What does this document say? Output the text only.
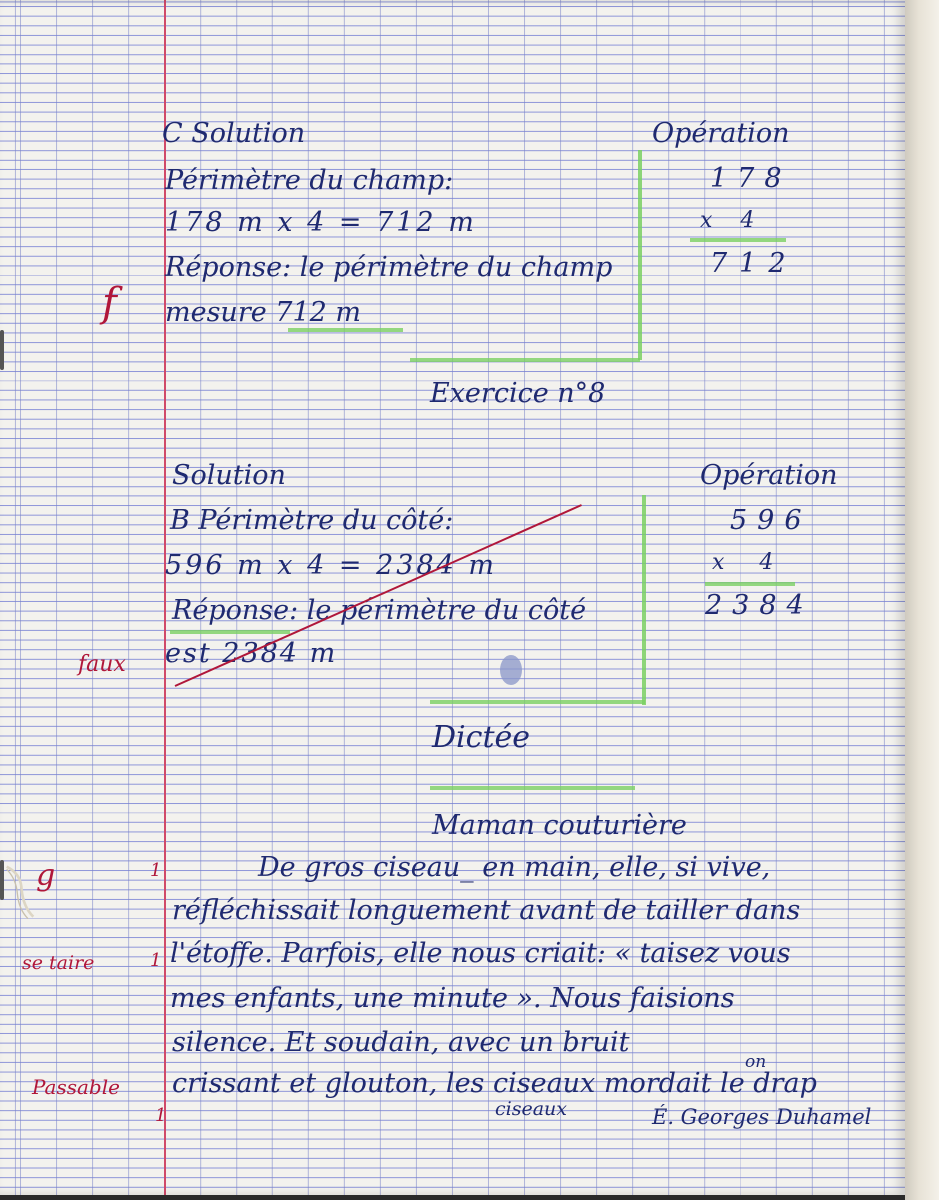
C Solution	Opération
Périmètre du champ:
178 m x 4 = 712 m
Réponse: le périmètre du champ
mesure 712 m
178
x    4
712
f
Exercice n°8
Solution	Opération
B Périmètre du côté:
596 m x 4 = 2384 m
Réponse: le périmètre du côté
est 2384 m
596
x     4
2384
faux
Dictée
Maman couturière
De gros ciseau_ en main, elle, si vive,
réfléchissait longuement avant de tailler dans
l'étoffe. Parfois, elle nous criait: « taisez vous
mes enfants, une minute ». Nous faisions
silence. Et soudain, avec un bruit
crissant et glouton, les ciseaux mordait le drap
ciseaux
on
É. Georges Duhamel
g
se taire
Passable
1
1
1
